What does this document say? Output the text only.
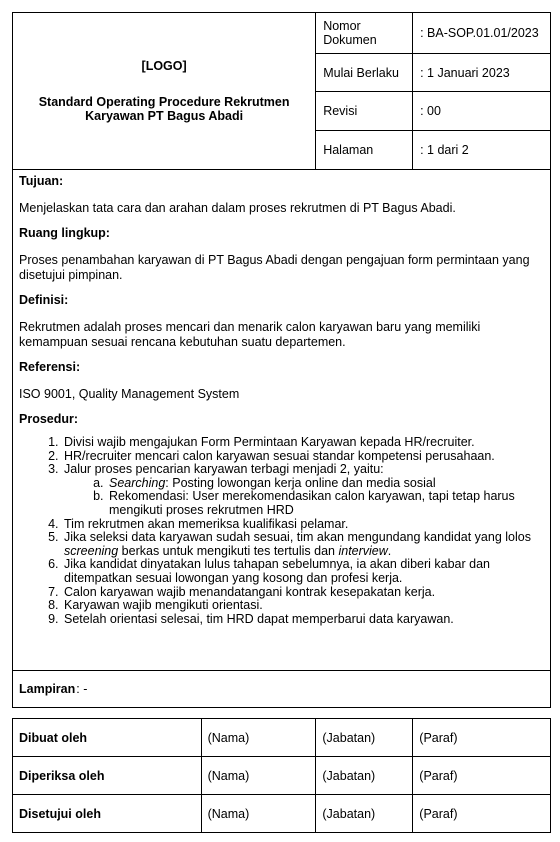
[LOGO]
Standard Operating Procedure Rekrutmen
Karyawan PT Bagus Abadi	Nomor Dokumen	: BA-SOP.01.01/2023
	Mulai Berlaku	: 1 Januari 2023
	Revisi	: 00
	Halaman	: 1 dari 2

Tujuan:

Menjelaskan tata cara dan arahan dalam proses rekrutmen di PT Bagus Abadi.

Ruang lingkup:

Proses penambahan karyawan di PT Bagus Abadi dengan pengajuan form permintaan yang disetujui pimpinan.

Definisi:

Rekrutmen adalah proses mencari dan menarik calon karyawan baru yang memiliki kemampuan sesuai rencana kebutuhan suatu departemen.

Referensi:

ISO 9001, Quality Management System

Prosedur:

1. Divisi wajib mengajukan Form Permintaan Karyawan kepada HR/recruiter.
2. HR/recruiter mencari calon karyawan sesuai standar kompetensi perusahaan.
3. Jalur proses pencarian karyawan terbagi menjadi 2, yaitu:
a. Searching: Posting lowongan kerja online dan media sosial
b. Rekomendasi: User merekomendasikan calon karyawan, tapi tetap harus mengikuti proses rekrutmen HRD
4. Tim rekrutmen akan memeriksa kualifikasi pelamar.
5. Jika seleksi data karyawan sudah sesuai, tim akan mengundang kandidat yang lolos screening berkas untuk mengikuti tes tertulis dan interview.
6. Jika kandidat dinyatakan lulus tahapan sebelumnya, ia akan diberi kabar dan ditempatkan sesuai lowongan yang kosong dan profesi kerja.
7. Calon karyawan wajib menandatangani kontrak kesepakatan kerja.
8. Karyawan wajib mengikuti orientasi.
9. Setelah orientasi selesai, tim HRD dapat memperbarui data karyawan.
Lampiran : -
Dibuat oleh	(Nama)	(Jabatan)	(Paraf)
Diperiksa oleh	(Nama)	(Jabatan)	(Paraf)
Disetujui oleh	(Nama)	(Jabatan)	(Paraf)
